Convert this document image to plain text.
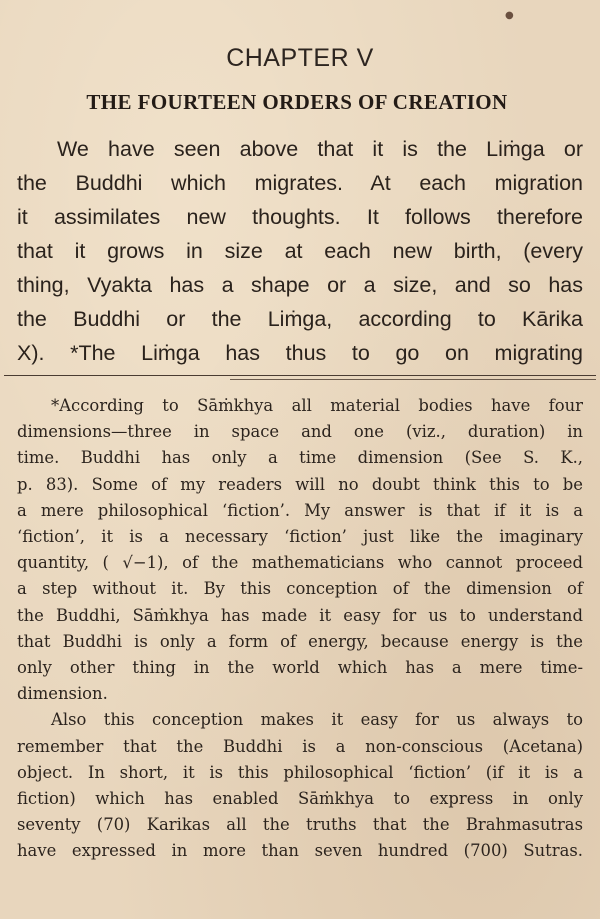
●
CHAPTER V
THE FOURTEEN ORDERS OF CREATION
We have seen above that it is the Liṁga or
the Buddhi which migrates. At each migration
it assimilates new thoughts. It follows therefore
that it grows in size at each new birth, (every
thing, Vyakta has a shape or a size, and so has
the Buddhi or the Liṁga, according to Kārika
X). *The Liṁga has thus to go on migrating
*According to Sāṁkhya all material bodies have four
dimensions—three in space and one (viz., duration) in
time. Buddhi has only a time dimension (See S. K.,
p. 83). Some of my readers will no doubt think this to be
a mere philosophical ‘fiction’. My answer is that if it is a
‘fiction’, it is a necessary ‘fiction’ just like the imaginary
quantity, ( √−1), of the mathematicians who cannot proceed
a step without it. By this conception of the dimension of
the Buddhi, Sāṁkhya has made it easy for us to understand
that Buddhi is only a form of energy, because energy is the
only other thing in the world which has a mere time-
dimension.
Also this conception makes it easy for us always to
remember that the Buddhi is a non-conscious (Acetana)
object. In short, it is this philosophical ‘fiction’ (if it is a
fiction) which has enabled Sāṁkhya to express in only
seventy (70) Karikas all the truths that the Brahmasutras
have expressed in more than seven hundred (700) Sutras.
